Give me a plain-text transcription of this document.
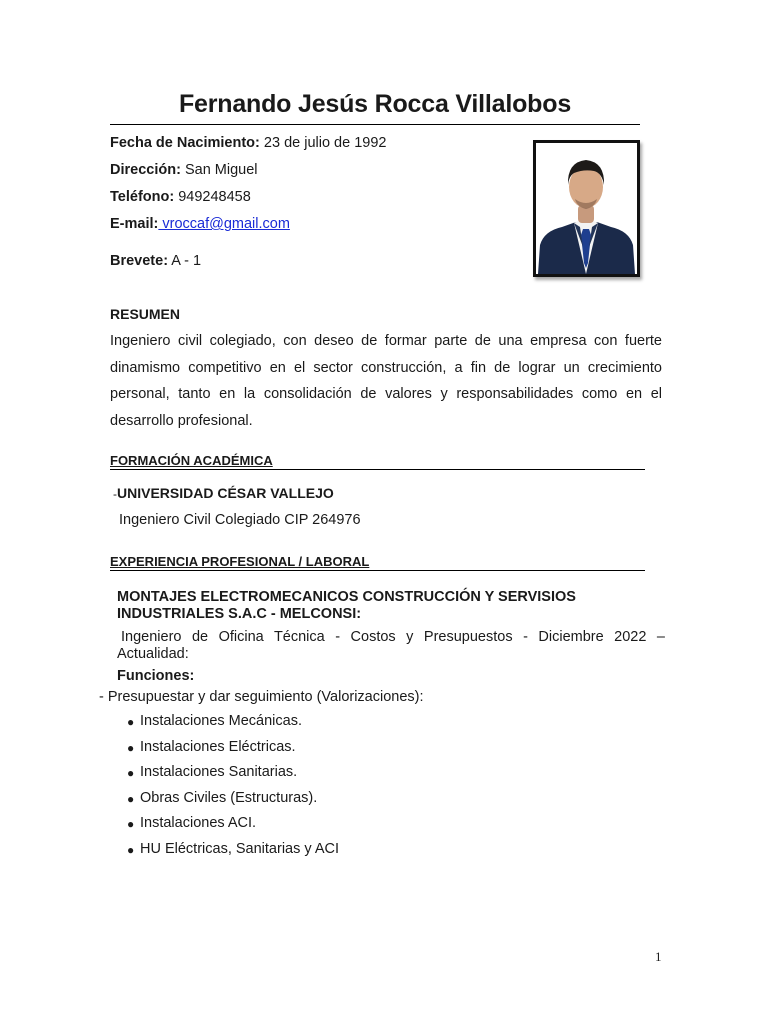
Fernando Jesús Rocca Villalobos
Fecha de Nacimiento: 23 de julio de 1992
Dirección: San Miguel
Teléfono: 949248458
E-mail: vroccaf@gmail.com
Brevete: A - 1
RESUMEN
Ingeniero civil colegiado, con deseo de formar parte de una empresa con fuerte dinamismo competitivo en el sector construcción, a fin de lograr un crecimiento personal, tanto en la consolidación de valores y responsabilidades como en el desarrollo profesional.
FORMACIÓN ACADÉMICA
-UNIVERSIDAD CÉSAR VALLEJO
Ingeniero Civil Colegiado CIP 264976
EXPERIENCIA PROFESIONAL / LABORAL
MONTAJES ELECTROMECANICOS CONSTRUCCIÓN Y SERVISIOS INDUSTRIALES S.A.C - MELCONSI:
Ingeniero de Oficina Técnica - Costos y Presupuestos - Diciembre 2022 –
Actualidad:
Funciones:
- Presupuestar y dar seguimiento (Valorizaciones):
● Instalaciones Mecánicas.
● Instalaciones Eléctricas.
● Instalaciones Sanitarias.
● Obras Civiles (Estructuras).
● Instalaciones ACI.
● HU Eléctricas, Sanitarias y ACI
1
